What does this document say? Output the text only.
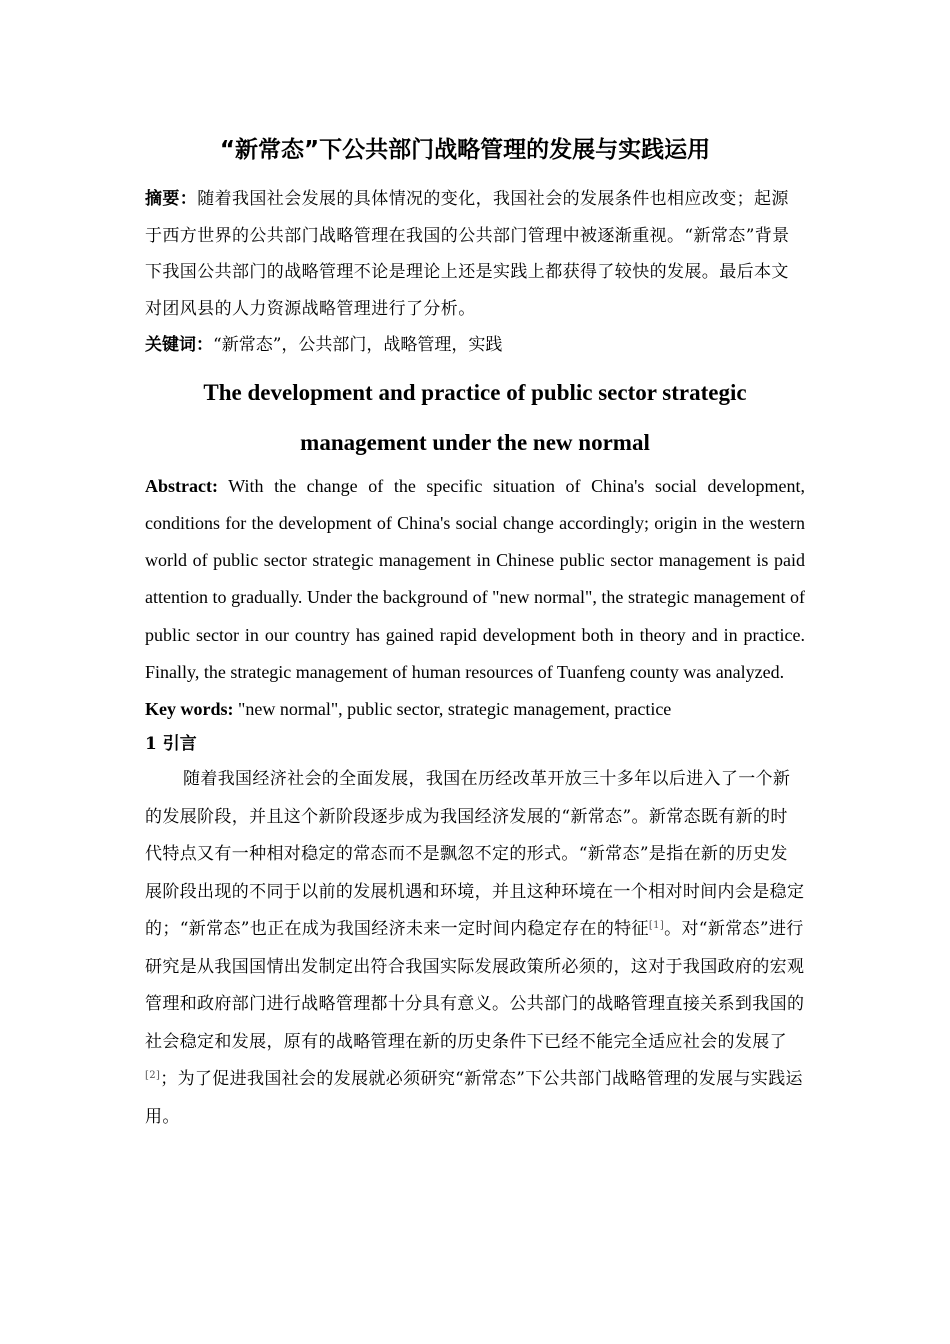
“新常态”下公共部门战略管理的发展与实践运用

摘要：随着我国社会发展的具体情况的变化，我国社会的发展条件也相应改变；起源于西方世界的公共部门战略管理在我国的公共部门管理中被逐渐重视。“新常态”背景下我国公共部门的战略管理不论是理论上还是实践上都获得了较快的发展。最后本文对团风县的人力资源战略管理进行了分析。

关键词：“新常态”，公共部门，战略管理，实践

The development and practice of public sector strategic
management under the new normal

Abstract: With the change of the specific situation of China's social development, conditions for the development of China's social change accordingly; origin in the western world of public sector strategic management in Chinese public sector management is paid attention to gradually. Under the background of "new normal", the strategic management of public sector in our country has gained rapid development both in theory and in practice. Finally, the strategic management of human resources of Tuanfeng county was analyzed.

Key words: "new normal", public sector, strategic management, practice

1 引言

随着我国经济社会的全面发展，我国在历经改革开放三十多年以后进入了一个新的发展阶段，并且这个新阶段逐步成为我国经济发展的“新常态”。新常态既有新的时代特点又有一种相对稳定的常态而不是飘忽不定的形式。“新常态”是指在新的历史发展阶段出现的不同于以前的发展机遇和环境，并且这种环境在一个相对时间内会是稳定的；“新常态”也正在成为我国经济未来一定时间内稳定存在的特征[1]。对“新常态”进行研究是从我国国情出发制定出符合我国实际发展政策所必须的，这对于我国政府的宏观管理和政府部门进行战略管理都十分具有意义。公共部门的战略管理直接关系到我国的社会稳定和发展，原有的战略管理在新的历史条件下已经不能完全适应社会的发展了[2]；为了促进我国社会的发展就必须研究“新常态”下公共部门战略管理的发展与实践运用。
